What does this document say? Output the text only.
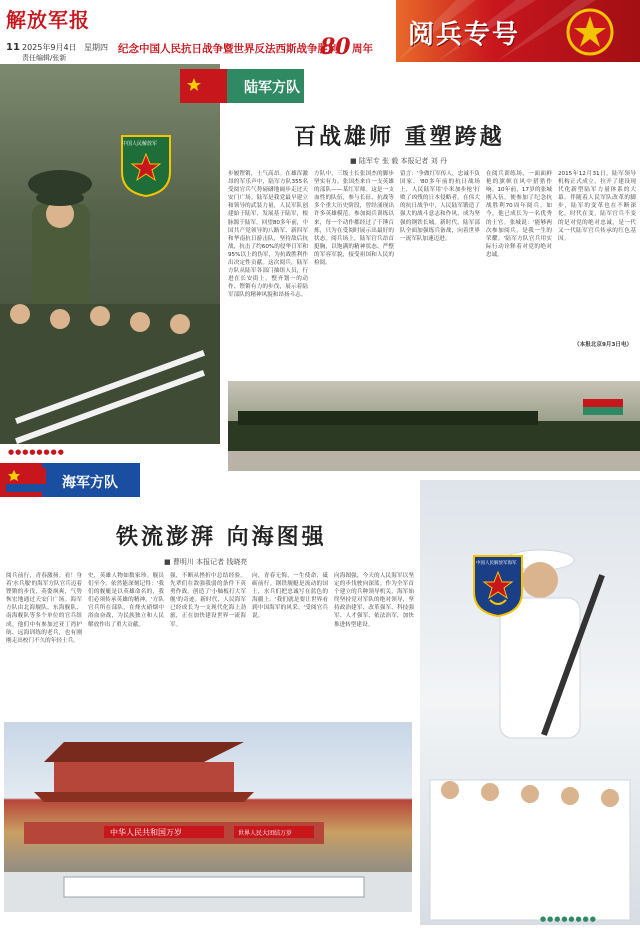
解放军报
11 2025年9月4日 星期四
责任编辑/张新
纪念中国人民抗日战争暨世界反法西斯战争胜利
80 周年 阅兵专号
中国人民解放军
陆军方队
百战雄师 重塑跨越
■ 陆军专 张 毅 本报记者 刘 丹
步履铿锵，士气高昂。在雄浑激昂的军乐声中，陆军方队355名受阅官兵气势磅礴地阔步走过天安门广场。陆军是我党最早建立和领导的武装力量，人民军队创建始于陆军，发展基于陆军，根脉源于陆军。回望80多年前，中国共产党领导的八路军、新四军和华南抗日游击队，坚持敌后抗战，抗击了约60%的侵华日军和95%以上的伪军，为抗战胜利作出决定性贡献。这次阅兵，陆军方队从陆军各部门抽组人员，行进在长安街上，整齐划一的动作、铿锵有力的步伐，展示着陆军部队的精神风貌和昂扬斗志。
方队中，三级士长张国杰的脚步坚实有力。张国杰来自一支英雄的部队——某红军师。这是一支血性的队伍，参与长征、抗战等多个重大历史阶段，曾经涌现出许多英雄模范。参加阅兵训练以来，每一个动作都经过了千锤百炼，只为在受阅时展示出最好的状态。阅兵场上，陆军官兵昂首挺胸，以饱满的精神状态、严整的军容军貌，接受祖国和人民的检阅。
留言：'争做红军传人，忠诚不负国家。'80多年前的抗日战场上，人民陆军用'小米加步枪'打败了凶残的日本侵略者。在伟大的抗日战争中，人民陆军锻造了强大的战斗意志和作风，成为坚强的钢铁长城。新时代，陆军部队全面加强练兵备战，向着世界一流军队加速迈进。
在阅兵训练场，一面面鲜艳的旗帜在风中猎猎作响。10年前，17岁的张城刚入伍，便参加了纪念抗战胜利70周年阅兵。如今，他已成长为一名优秀的士官。张城说：'能够两次参加阅兵，是我一生的荣耀。'陆军方队官兵用实际行动诠释着对党的绝对忠诚。
2015年12月31日，陆军领导机构正式成立，拉开了建设现代化新型陆军力量体系的大幕。伴随着人民军队改革的脚步，陆军的变革也在不断深化。时代在变，陆军官兵不变的是对党的绝对忠诚，是一代又一代陆军官兵传承的红色基因。
（本报北京9月3日电）
海军方队
铁流澎湃 向海图强
■ 曹明川 本报记者 钱晓亮
阅兵前行，青春激扬。看！身着'水兵服'的海军方队官兵迈着铿锵的步伐，英姿飒爽，气势恢宏地通过天安门广场。海军方队由北海舰队、东海舰队、南海舰队等多个单位的官兵组成。他们中有参加过亚丁湾护航、远海训练的老兵，也有刚刚走出校门不久的年轻士兵。
史，英雄人物如数家珍。舰员们至今，依然能深刻记得：'我们的舰艇是以英雄命名的，我们必须传承英雄的精神。'方队官兵所在部队，在烽火硝烟中浴血奋战，为民族独立和人民解放作出了重大贡献。
强，不断从挫折中总结经验。先辈们在敌强我弱的条件下英勇作战，创造了'小舢板打大军舰'的奇迹。新时代，人民海军已经成长为一支现代化海上劲旅，正在加快建设世界一流海军。
向，青春无悔，一生使命，砥砺前行。钢铁舰艇是流动的国土，水兵们把忠诚写在蓝色的海疆上。'我们就是要让世界看到中国海军的风采。'受阅官兵说。
向海图强，今天的人民海军以坚定的步伐驶向深蓝。作为全军首个建立的兵种领导机关，海军始终坚持党对军队的绝对领导，坚持政治建军、改革强军、科技强军、人才强军、依法治军，加快推进转型建设。
中国人民解放军海军
中华人民共和国万岁	世界人民大团结万岁
●●●●●●●●
●●●●●●●●
